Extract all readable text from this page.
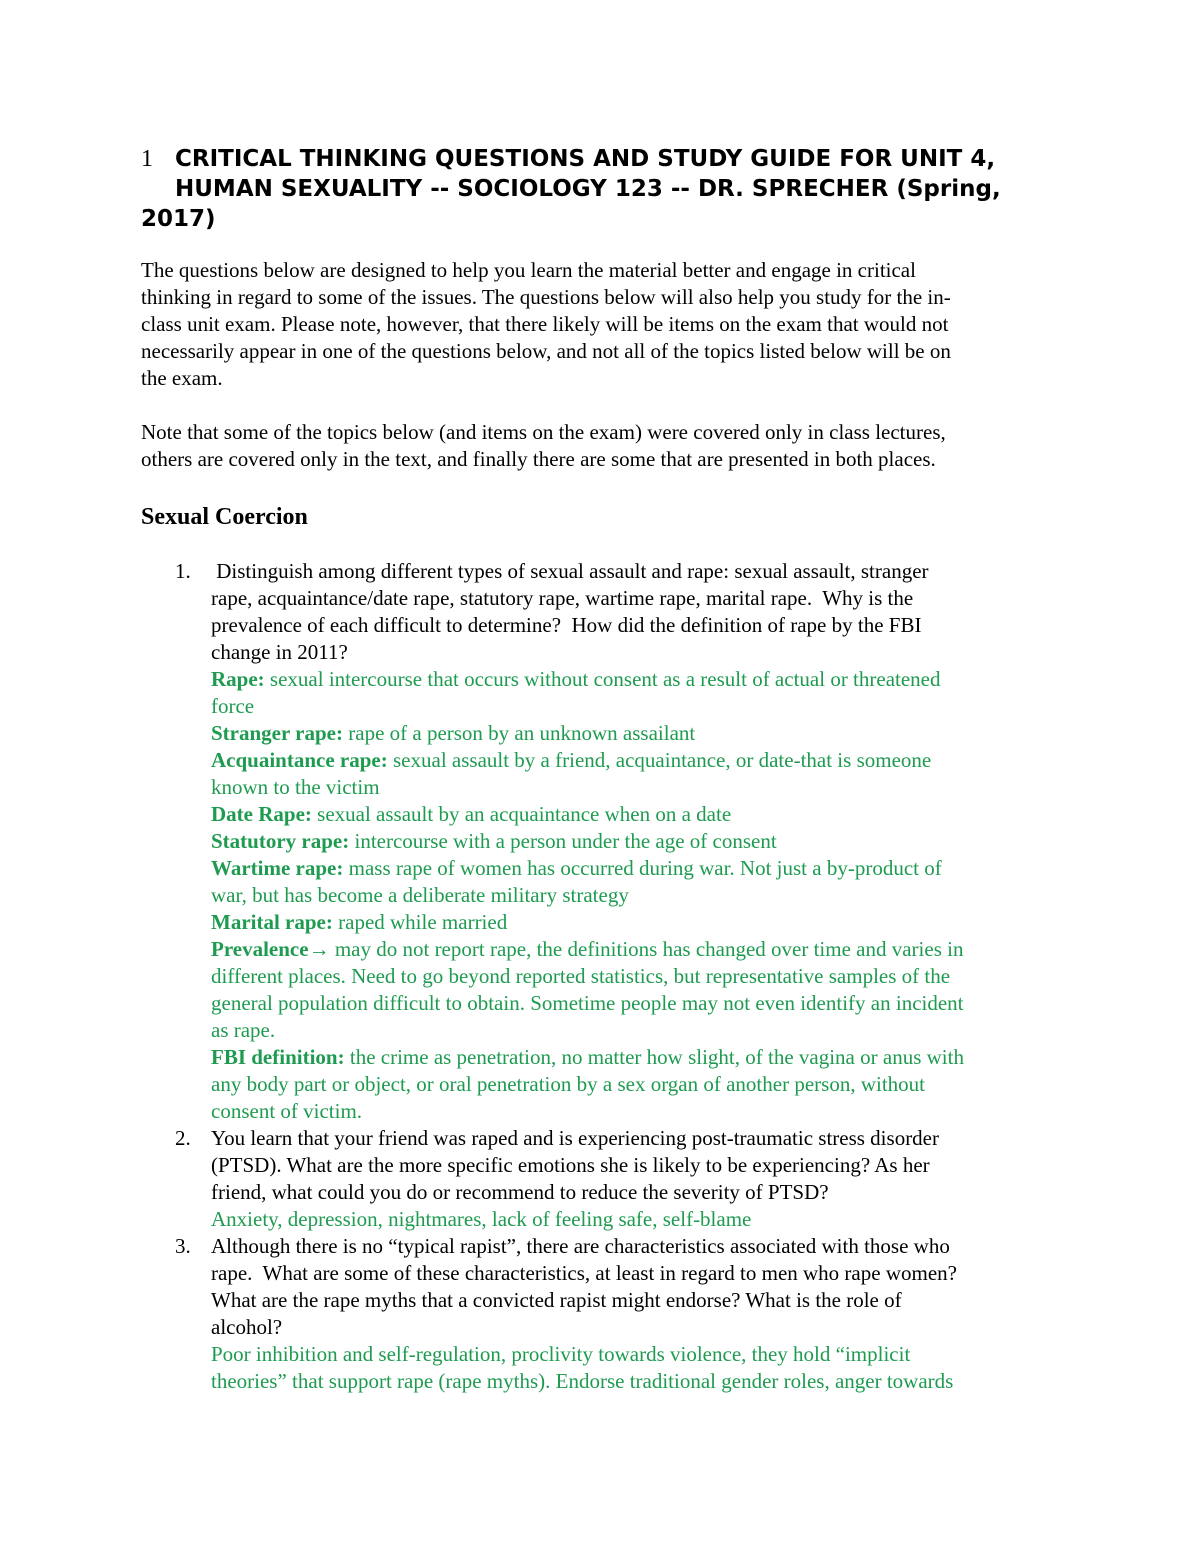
1 CRITICAL THINKING QUESTIONS AND STUDY GUIDE FOR UNIT 4,
HUMAN SEXUALITY -- SOCIOLOGY 123 -- DR. SPRECHER (Spring,
2017)
The questions below are designed to help you learn the material better and engage in critical
thinking in regard to some of the issues. The questions below will also help you study for the in-
class unit exam. Please note, however, that there likely will be items on the exam that would not
necessarily appear in one of the questions below, and not all of the topics listed below will be on
the exam.
Note that some of the topics below (and items on the exam) were covered only in class lectures,
others are covered only in the text, and finally there are some that are presented in both places.
Sexual Coercion
1. Distinguish among different types of sexual assault and rape: sexual assault, stranger
rape, acquaintance/date rape, statutory rape, wartime rape, marital rape.  Why is the
prevalence of each difficult to determine?  How did the definition of rape by the FBI
change in 2011?
Rape: sexual intercourse that occurs without consent as a result of actual or threatened
force
Stranger rape: rape of a person by an unknown assailant
Acquaintance rape: sexual assault by a friend, acquaintance, or date-that is someone
known to the victim
Date Rape: sexual assault by an acquaintance when on a date
Statutory rape: intercourse with a person under the age of consent
Wartime rape: mass rape of women has occurred during war. Not just a by-product of
war, but has become a deliberate military strategy
Marital rape: raped while married
Prevalence→ may do not report rape, the definitions has changed over time and varies in
different places. Need to go beyond reported statistics, but representative samples of the
general population difficult to obtain. Sometime people may not even identify an incident
as rape.
FBI definition: the crime as penetration, no matter how slight, of the vagina or anus with
any body part or object, or oral penetration by a sex organ of another person, without
consent of victim.
2. You learn that your friend was raped and is experiencing post-traumatic stress disorder
(PTSD). What are the more specific emotions she is likely to be experiencing? As her
friend, what could you do or recommend to reduce the severity of PTSD?
Anxiety, depression, nightmares, lack of feeling safe, self-blame
3. Although there is no “typical rapist”, there are characteristics associated with those who
rape.  What are some of these characteristics, at least in regard to men who rape women?
What are the rape myths that a convicted rapist might endorse? What is the role of
alcohol?
Poor inhibition and self-regulation, proclivity towards violence, they hold “implicit
theories” that support rape (rape myths). Endorse traditional gender roles, anger towards
